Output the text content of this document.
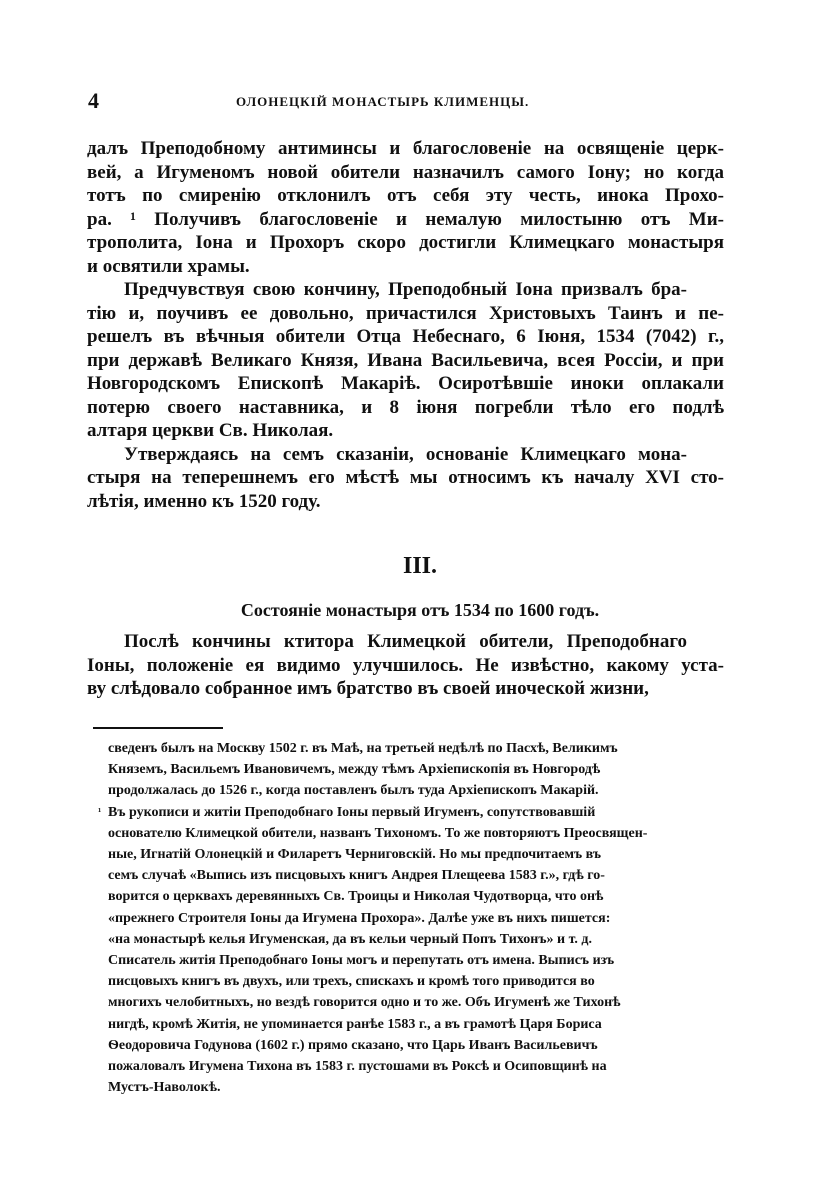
4	ОЛОНЕЦКІЙ МОНАСТЫРЬ КЛИМЕНЦЫ.

далъ Преподобному антиминсы и благословеніе на освященіе церк-
вей, а Игуменомъ новой обители назначилъ самого Іону; но когда
тотъ по смиренію отклонилъ отъ себя эту честь, инока Прохо-
ра. ¹ Получивъ благословеніе и немалую милостыню отъ Ми-
трополита, Іона и Прохоръ скоро достигли Климецкаго монастыря
и освятили храмы.

Предчувствуя свою кончину, Преподобный Іона призвалъ бра-
тію и, поучивъ ее довольно, причастился Христовыхъ Таинъ и пе-
решелъ въ вѣчныя обители Отца Небеснаго, 6 Іюня, 1534 (7042) г.,
при державѣ Великаго Князя, Ивана Васильевича, всея Россіи, и при
Новгородскомъ Епископѣ Макаріѣ. Осиротѣвшіе иноки оплакали
потерю своего наставника, и 8 іюня погребли тѣло его подлѣ
алтаря церкви Св. Николая.

Утверждаясь на семъ сказаніи, основаніе Климецкаго мона-
стыря на теперешнемъ его мѣстѣ мы относимъ къ началу XVI сто-
лѣтія, именно къ 1520 году.

III.
Состояніе монастыря отъ 1534 по 1600 годъ.

Послѣ кончины ктитора Климецкой обители, Преподобнаго
Іоны, положеніе ея видимо улучшилось. Не извѣстно, какому уста-
ву слѣдовало собранное имъ братство въ своей иноческой жизни,

сведенъ былъ на Москву 1502 г. въ Маѣ, на третьей недѣлѣ по Пасхѣ, Великимъ
Княземъ, Васильемъ Ивановичемъ, между тѣмъ Архіепископія въ Новгородѣ
продолжалась до 1526 г., когда поставленъ былъ туда Архіепископъ Макарій.
¹ Въ рукописи и житіи Преподобнаго Іоны первый Игуменъ, сопутствовавшій
основателю Климецкой обители, названъ Тихономъ. То же повторяютъ Преосвящен-
ные, Игнатій Олонецкій и Филаретъ Черниговскій. Но мы предпочитаемъ въ
семъ случаѣ «Выпись изъ писцовыхъ книгъ Андрея Плещеева 1583 г.», гдѣ го-
ворится о церквахъ деревянныхъ Св. Троицы и Николая Чудотворца, что онѣ
«прежнего Строителя Іоны да Игумена Прохора». Далѣе уже въ нихъ пишется:
«на монастырѣ келья Игуменская, да въ кельи черный Попъ Тихонъ» и т. д.
Списатель житія Преподобнаго Іоны могъ и перепутать отъ имена. Выписъ изъ
писцовыхъ книгъ въ двухъ, или трехъ, спискахъ и кромѣ того приводится во
многихъ челобитныхъ, но вездѣ говорится одно и то же. Объ Игуменѣ же Тихонѣ
нигдѣ, кромѣ Житія, не упоминается ранѣе 1583 г., а въ грамотѣ Царя Бориса
Ѳеодоровича Годунова (1602 г.) прямо сказано, что Царь Иванъ Васильевичъ
пожаловалъ Игумена Тихона въ 1583 г. пустошами въ Роксѣ и Осиповщинѣ на
Мустъ-Наволокѣ.
